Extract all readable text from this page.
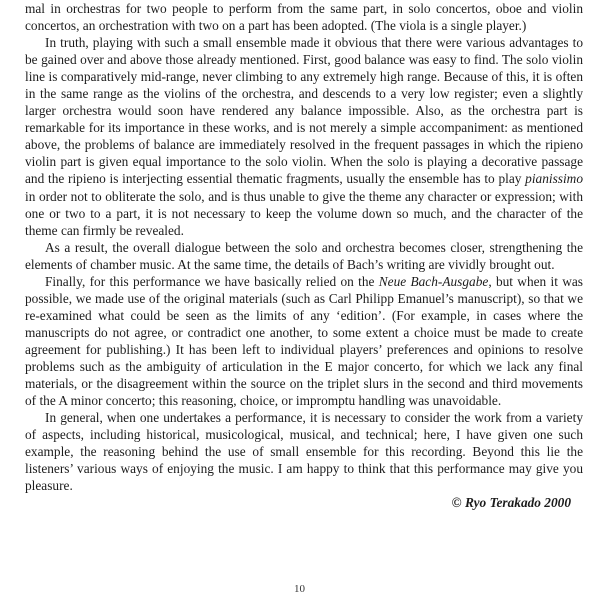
mal in orchestras for two people to perform from the same part, in solo concertos, oboe and violin concertos, an orchestration with two on a part has been adopted. (The viola is a single player.)

In truth, playing with such a small ensemble made it obvious that there were various advantages to be gained over and above those already mentioned. First, good balance was easy to find. The solo violin line is comparatively mid-range, never climbing to any extremely high range. Because of this, it is often in the same range as the violins of the orchestra, and descends to a very low register; even a slightly larger orchestra would soon have rendered any balance impossible. Also, as the orchestra part is remarkable for its importance in these works, and is not merely a simple accompaniment: as mentioned above, the problems of balance are immediately resolved in the frequent passages in which the ripieno violin part is given equal importance to the solo violin. When the solo is playing a decorative passage and the ripieno is interjecting essential thematic fragments, usually the ensemble has to play pianissimo in order not to obliterate the solo, and is thus unable to give the theme any character or expression; with one or two to a part, it is not necessary to keep the volume down so much, and the character of the theme can firmly be revealed.

As a result, the overall dialogue between the solo and orchestra becomes closer, strengthening the elements of chamber music. At the same time, the details of Bach’s writing are vividly brought out.

Finally, for this performance we have basically relied on the Neue Bach-Ausgabe, but when it was possible, we made use of the original materials (such as Carl Philipp Emanuel’s manuscript), so that we re-examined what could be seen as the limits of any ‘edition’. (For example, in cases where the manuscripts do not agree, or contradict one another, to some extent a choice must be made to create agreement for publishing.) It has been left to individual players’ preferences and opinions to resolve problems such as the ambiguity of articulation in the E major concerto, for which we lack any final materials, or the disagreement within the source on the triplet slurs in the second and third movements of the A minor concerto; this reasoning, choice, or impromptu handling was unavoidable.

In general, when one undertakes a performance, it is necessary to consider the work from a variety of aspects, including historical, musicological, musical, and technical; here, I have given one such example, the reasoning behind the use of small ensemble for this recording. Beyond this lie the listeners’ various ways of enjoying the music. I am happy to think that this performance may give you pleasure.

© Ryo Terakado 2000

10
